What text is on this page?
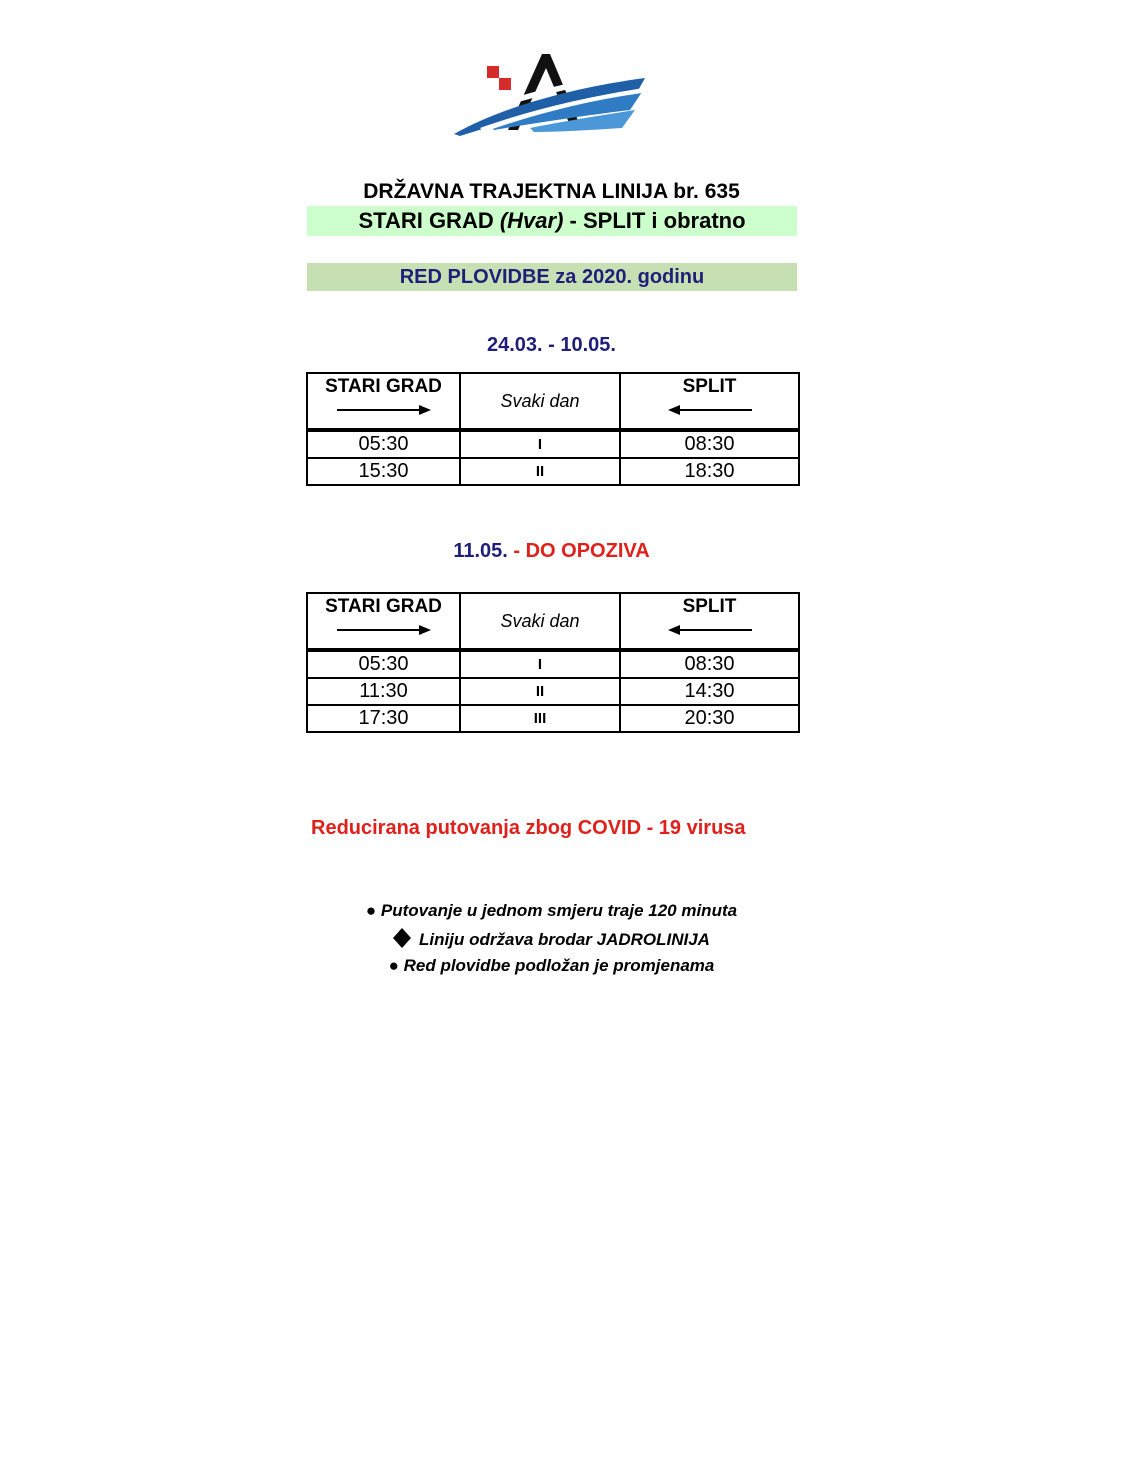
DRŽAVNA TRAJEKTNA LINIJA br. 635
STARI GRAD (Hvar) - SPLIT i obratno
RED PLOVIDBE za 2020. godinu
24.03. - 10.05.
STARI GRAD	Svaki dan	SPLIT

05:30	I	08:30
15:30	II	18:30
11.05. - DO OPOZIVA
STARI GRAD	Svaki dan	SPLIT

05:30	I	08:30
11:30	II	14:30
17:30	III	20:30
Reducirana putovanja zbog COVID - 19 virusa
● Putovanje u jednom smjeru traje 120 minuta
Liniju održava brodar JADROLINIJA
● Red plovidbe podložan je promjenama
